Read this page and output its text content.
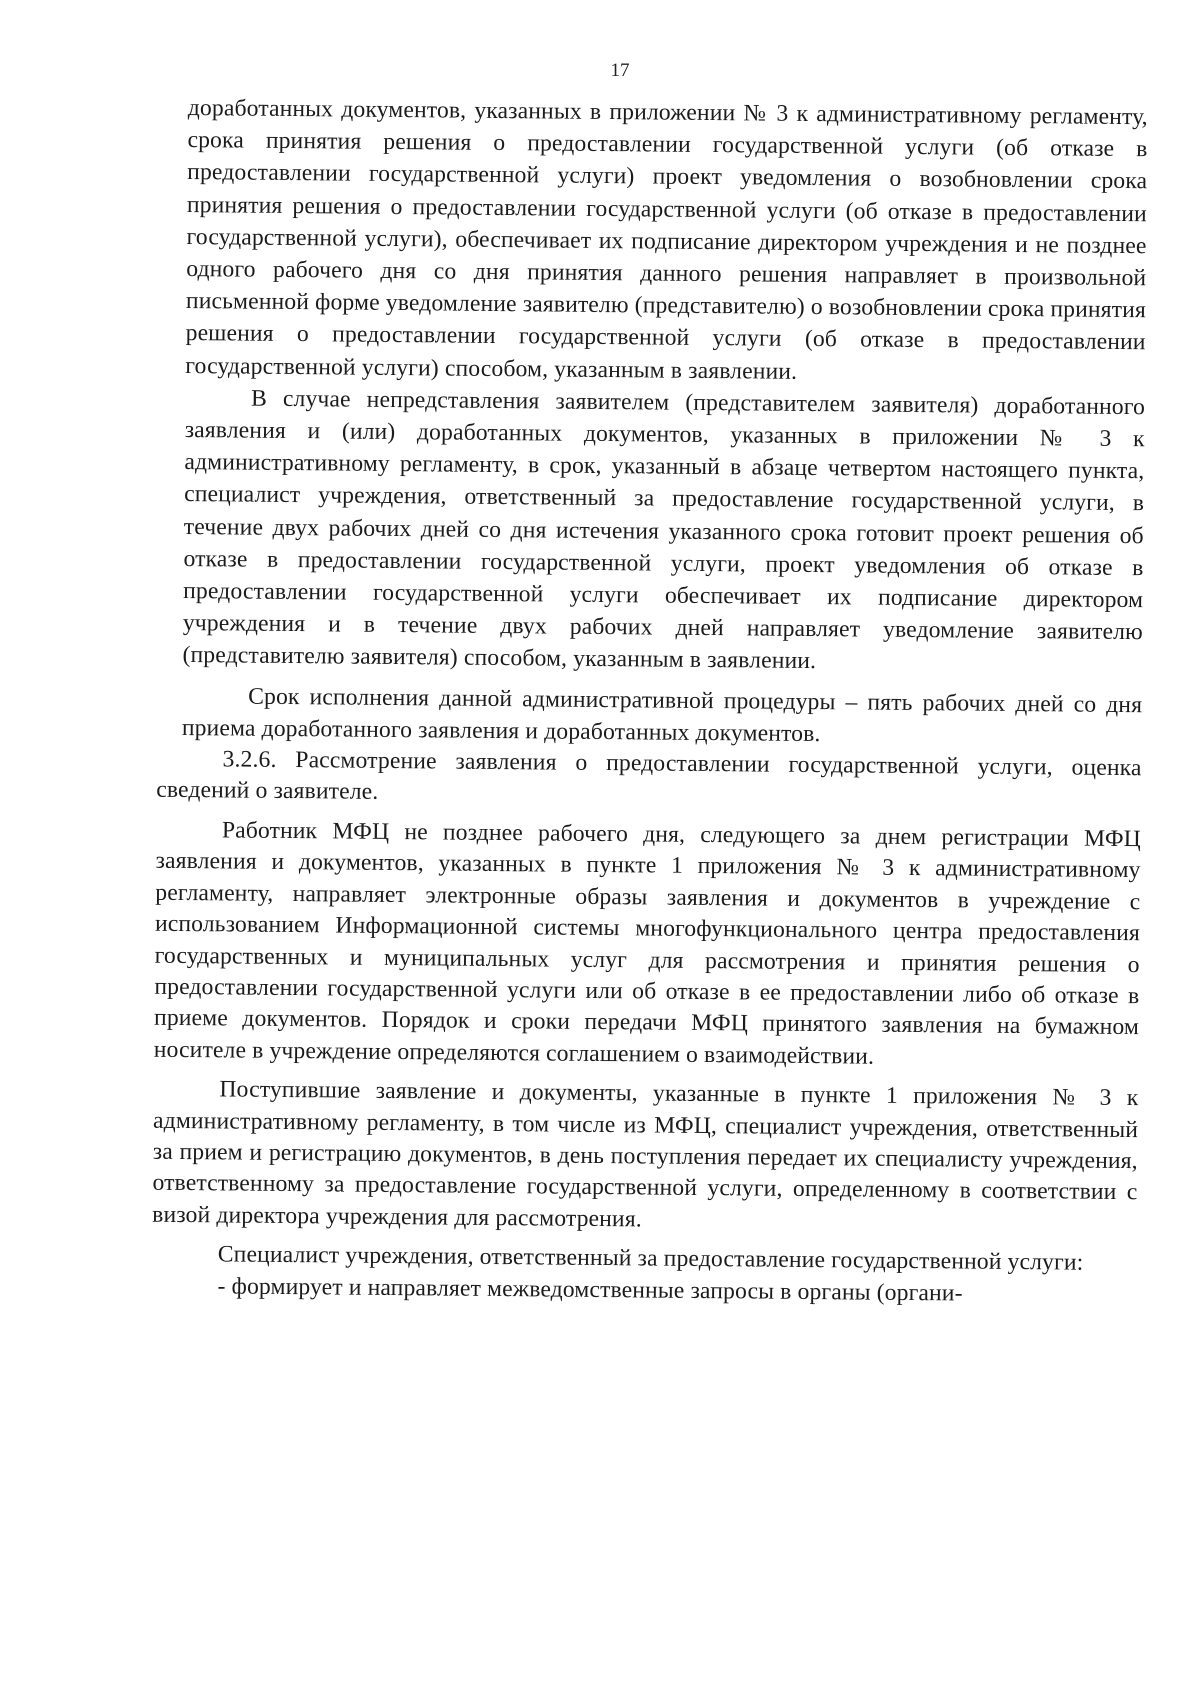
17

доработанных документов, указанных в приложении № 3 к административному регламенту, срока принятия решения о предоставлении государственной услуги (об отказе в предоставлении государственной услуги) проект уведомления о возобновлении срока принятия решения о предоставлении государственной услуги (об отказе в предоставлении государственной услуги), обеспечивает их подписание директором учреждения и не позднее одного рабочего дня со дня принятия данного решения направляет в произвольной письменной форме уведомление заявителю (представителю) о возобновлении срока принятия решения о предоставлении государственной услуги (об отказе в предоставлении государственной услуги) способом, указанным в заявлении.

В случае непредставления заявителем (представителем заявителя) доработанного заявления и (или) доработанных документов, указанных в приложении № 3 к административному регламенту, в срок, указанный в абзаце четвертом настоящего пункта, специалист учреждения, ответственный за предоставление государственной услуги, в течение двух рабочих дней со дня истечения указанного срока готовит проект решения об отказе в предоставлении государственной услуги, проект уведомления об отказе в предоставлении государственной услуги обеспечивает их подписание директором учреждения и в течение двух рабочих дней направляет уведомление заявителю (представителю заявителя) способом, указанным в заявлении.

Срок исполнения данной административной процедуры – пять рабочих дней со дня приема доработанного заявления и доработанных документов.

3.2.6. Рассмотрение заявления о предоставлении государственной услуги, оценка сведений о заявителе.

Работник МФЦ не позднее рабочего дня, следующего за днем регистрации МФЦ заявления и документов, указанных в пункте 1 приложения № 3 к административному регламенту, направляет электронные образы заявления и документов в учреждение с использованием Информационной системы многофункционального центра предоставления государственных и муниципальных услуг для рассмотрения и принятия решения о предоставлении государственной услуги или об отказе в ее предоставлении либо об отказе в приеме документов. Порядок и сроки передачи МФЦ принятого заявления на бумажном носителе в учреждение определяются соглашением о взаимодействии.

Поступившие заявление и документы, указанные в пункте 1 приложения № 3 к административному регламенту, в том числе из МФЦ, специалист учреждения, ответственный за прием и регистрацию документов, в день поступления передает их специалисту учреждения, ответственному за предоставление государственной услуги, определенному в соответствии с визой директора учреждения для рассмотрения.

Специалист учреждения, ответственный за предоставление государственной услуги:

- формирует и направляет межведомственные запросы в органы (органи-
